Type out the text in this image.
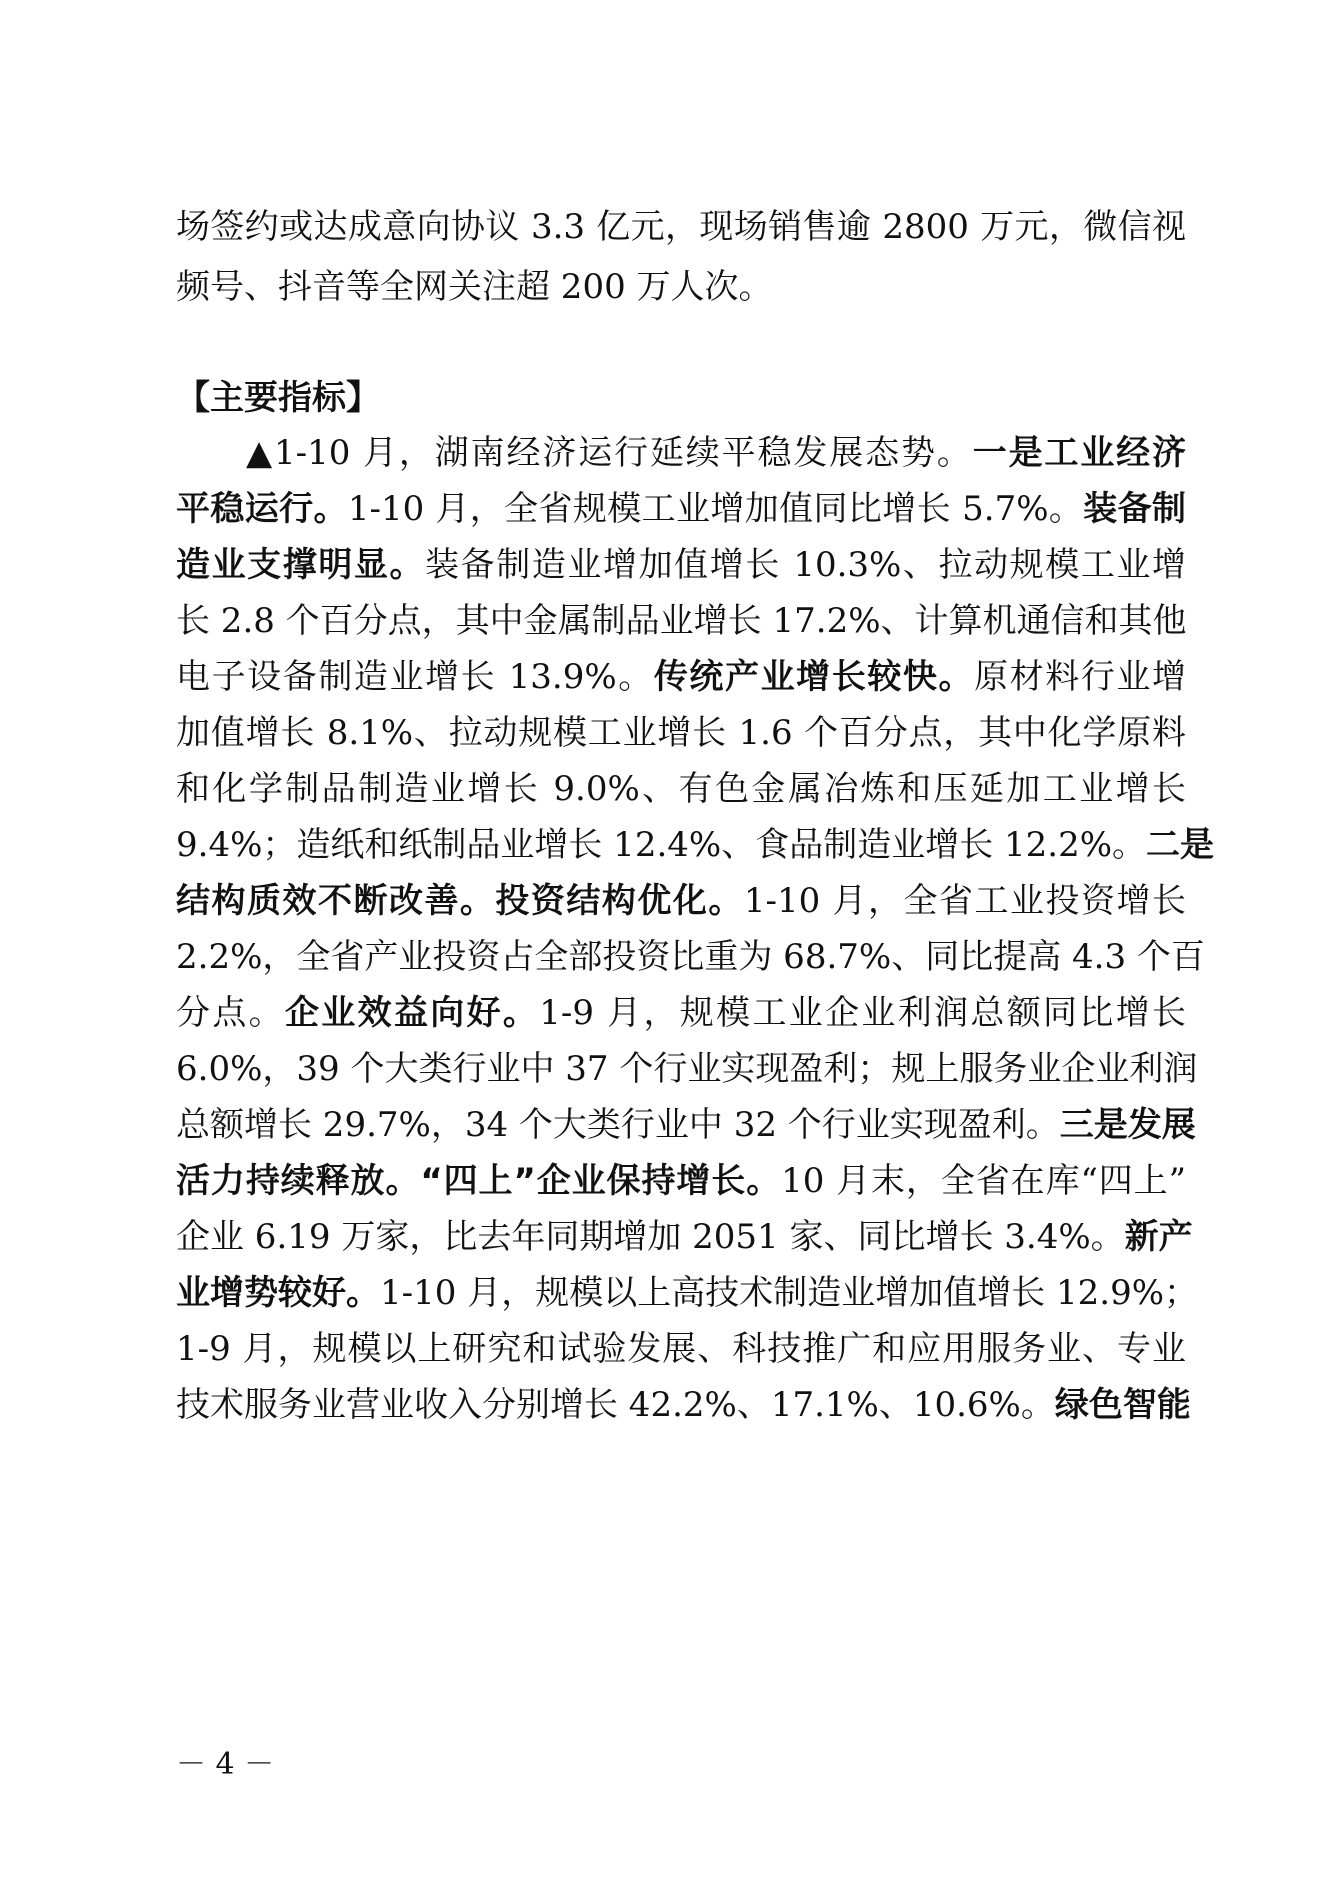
场签约或达成意向协议 3.3 亿元，现场销售逾 2800 万元，微信视
频号、抖音等全网关注超 200 万人次。
【主要指标】
▲1-10 月，湖南经济运行延续平稳发展态势。一是工业经济
平稳运行。1-10 月，全省规模工业增加值同比增长 5.7%。装备制
造业支撑明显。装备制造业增加值增长 10.3%、拉动规模工业增
长 2.8 个百分点，其中金属制品业增长 17.2%、计算机通信和其他
电子设备制造业增长 13.9%。传统产业增长较快。原材料行业增
加值增长 8.1%、拉动规模工业增长 1.6 个百分点，其中化学原料
和化学制品制造业增长 9.0%、有色金属冶炼和压延加工业增长
9.4%；造纸和纸制品业增长 12.4%、食品制造业增长 12.2%。二是
结构质效不断改善。投资结构优化。1-10 月，全省工业投资增长
2.2%，全省产业投资占全部投资比重为 68.7%、同比提高 4.3 个百
分点。企业效益向好。1-9 月，规模工业企业利润总额同比增长
6.0%，39 个大类行业中 37 个行业实现盈利；规上服务业企业利润
总额增长 29.7%，34 个大类行业中 32 个行业实现盈利。三是发展
活力持续释放。“四上”企业保持增长。10 月末，全省在库“四上”
企业 6.19 万家，比去年同期增加 2051 家、同比增长 3.4%。新产
业增势较好。1-10 月，规模以上高技术制造业增加值增长 12.9%；
1-9 月，规模以上研究和试验发展、科技推广和应用服务业、专业
技术服务业营业收入分别增长 42.2%、17.1%、10.6%。绿色智能
－ 4 －
